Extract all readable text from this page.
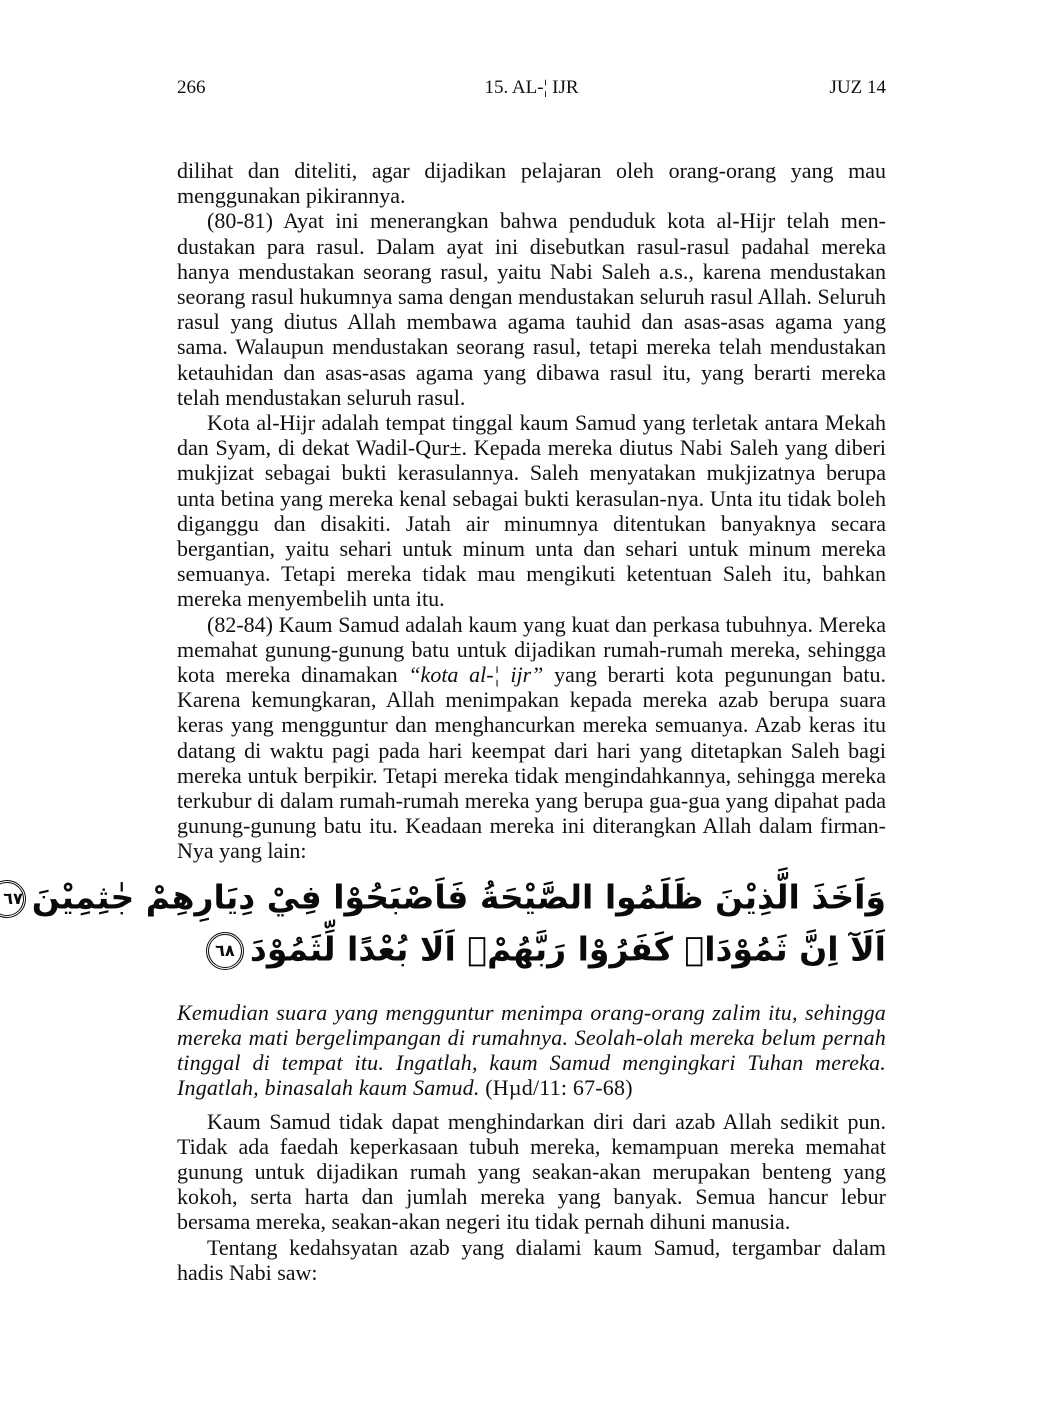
266	15. AL-¦ IJR	JUZ 14

dilihat dan diteliti, agar dijadikan pelajaran oleh orang-orang yang mau menggunakan pikirannya.

(80-81) Ayat ini menerangkan bahwa penduduk kota al-Hijr telah men-dustakan para rasul. Dalam ayat ini disebutkan rasul-rasul padahal mereka hanya mendustakan seorang rasul, yaitu Nabi Saleh a.s., karena mendustakan seorang rasul hukumnya sama dengan mendustakan seluruh rasul Allah. Seluruh rasul yang diutus Allah membawa agama tauhid dan asas-asas agama yang sama. Walaupun mendustakan seorang rasul, tetapi mereka telah mendustakan ketauhidan dan asas-asas agama yang dibawa rasul itu, yang berarti mereka telah mendustakan seluruh rasul.

Kota al-Hijr adalah tempat tinggal kaum Samud yang terletak antara Mekah dan Syam, di dekat Wadil-Qur±. Kepada mereka diutus Nabi Saleh yang diberi mukjizat sebagai bukti kerasulannya. Saleh menyatakan mukjizatnya berupa unta betina yang mereka kenal sebagai bukti kerasulan-nya. Unta itu tidak boleh diganggu dan disakiti. Jatah air minumnya ditentukan banyaknya secara bergantian, yaitu sehari untuk minum unta dan sehari untuk minum mereka semuanya. Tetapi mereka tidak mau mengikuti ketentuan Saleh itu, bahkan mereka menyembelih unta itu.

(82-84) Kaum Samud adalah kaum yang kuat dan perkasa tubuhnya. Mereka memahat gunung-gunung batu untuk dijadikan rumah-rumah mereka, sehingga kota mereka dinamakan “kota al-¦ ijr” yang berarti kota pegunungan batu. Karena kemungkaran, Allah menimpakan kepada mereka azab berupa suara keras yang mengguntur dan menghancurkan mereka semuanya. Azab keras itu datang di waktu pagi pada hari keempat dari hari yang ditetapkan Saleh bagi mereka untuk berpikir. Tetapi mereka tidak mengindahkannya, sehingga mereka terkubur di dalam rumah-rumah mereka yang berupa gua-gua yang dipahat pada gunung-gunung batu itu. Keadaan mereka ini diterangkan Allah dalam firman-Nya yang lain:

وَاَخَذَ الَّذِيْنَ ظَلَمُوا الصَّيْحَةُ فَاَصْبَحُوْا فِيْ دِيَارِهِمْ جٰثِمِيْنَ٦٧
اَلَآ اِنَّ ثَمُوْدَا۟ كَفَرُوْا رَبَّهُمْۗ اَلَا بُعْدًا لِّثَمُوْدَ٦٨

Kemudian suara yang mengguntur menimpa orang-orang zalim itu, sehingga mereka mati bergelimpangan di rumahnya. Seolah-olah mereka belum pernah tinggal di tempat itu. Ingatlah, kaum Samud mengingkari Tuhan mereka. Ingatlah, binasalah kaum Samud. (Hµd/11: 67-68)

Kaum Samud tidak dapat menghindarkan diri dari azab Allah sedikit pun. Tidak ada faedah keperkasaan tubuh mereka, kemampuan mereka memahat gunung untuk dijadikan rumah yang seakan-akan merupakan benteng yang kokoh, serta harta dan jumlah mereka yang banyak. Semua hancur lebur bersama mereka, seakan-akan negeri itu tidak pernah dihuni manusia.

Tentang kedahsyatan azab yang dialami kaum Samud, tergambar dalam hadis Nabi saw:
